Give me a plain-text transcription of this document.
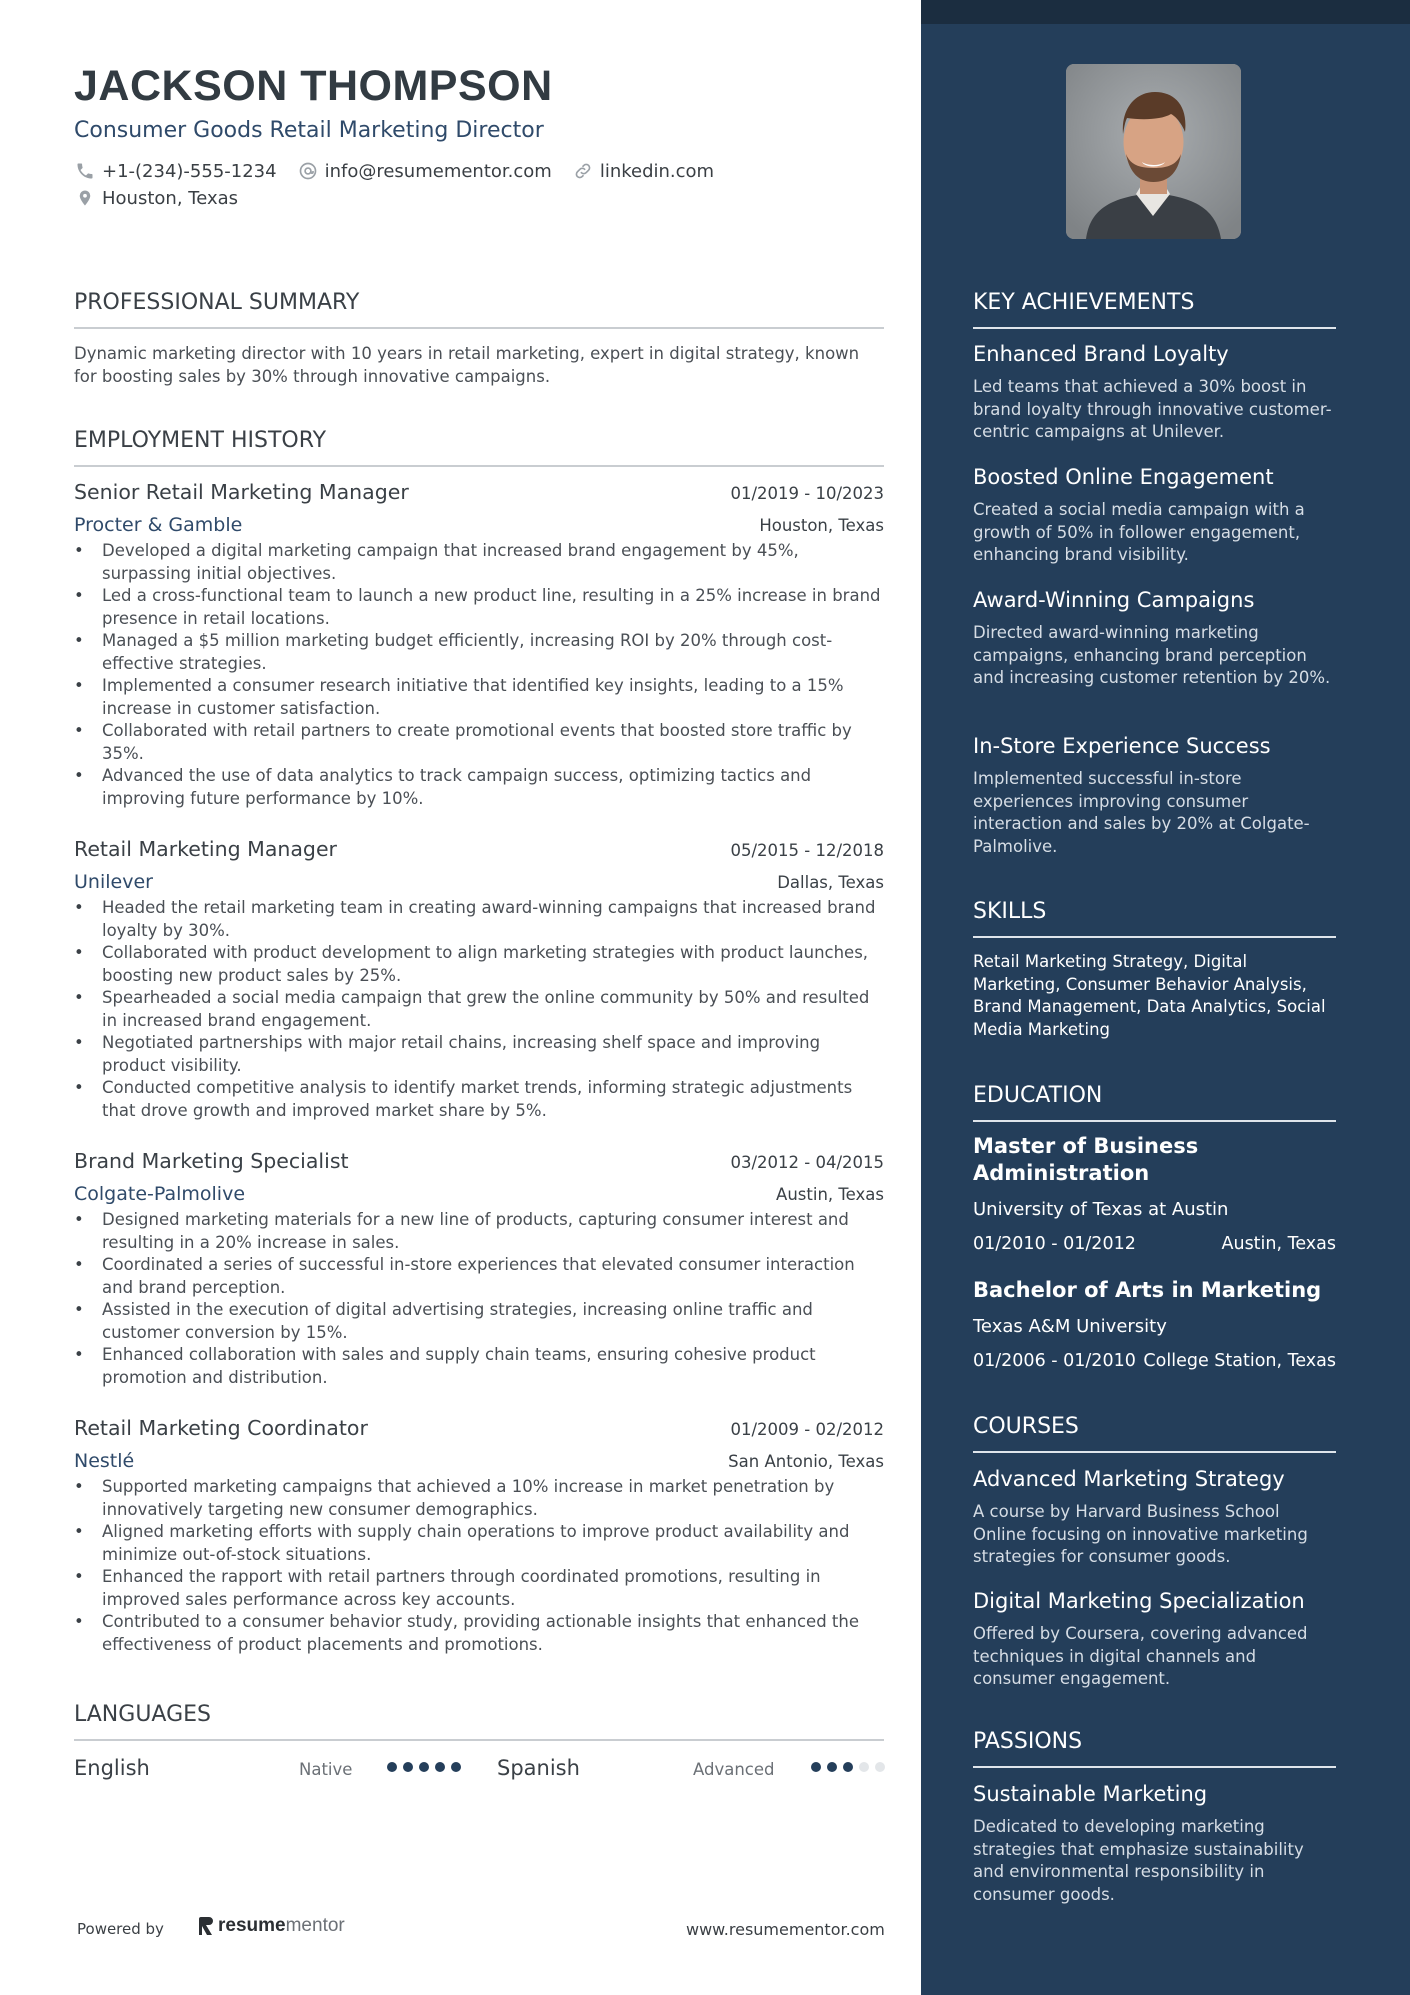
JACKSON THOMPSON
Consumer Goods Retail Marketing Director
+1-(234)-555-1234	info@resumementor.com	linkedin.com
Houston, Texas
PROFESSIONAL SUMMARY
Dynamic marketing director with 10 years in retail marketing, expert in digital strategy, known for boosting sales by 30% through innovative campaigns.
EMPLOYMENT HISTORY
Senior Retail Marketing Manager	01/2019 - 10/2023
Procter & Gamble	Houston, Texas
• Developed a digital marketing campaign that increased brand engagement by 45%, surpassing initial objectives.
• Led a cross-functional team to launch a new product line, resulting in a 25% increase in brand presence in retail locations.
• Managed a $5 million marketing budget efficiently, increasing ROI by 20% through cost-effective strategies.
• Implemented a consumer research initiative that identified key insights, leading to a 15% increase in customer satisfaction.
• Collaborated with retail partners to create promotional events that boosted store traffic by 35%.
• Advanced the use of data analytics to track campaign success, optimizing tactics and improving future performance by 10%.
Retail Marketing Manager	05/2015 - 12/2018
Unilever	Dallas, Texas
• Headed the retail marketing team in creating award-winning campaigns that increased brand loyalty by 30%.
• Collaborated with product development to align marketing strategies with product launches, boosting new product sales by 25%.
• Spearheaded a social media campaign that grew the online community by 50% and resulted in increased brand engagement.
• Negotiated partnerships with major retail chains, increasing shelf space and improving product visibility.
• Conducted competitive analysis to identify market trends, informing strategic adjustments that drove growth and improved market share by 5%.
Brand Marketing Specialist	03/2012 - 04/2015
Colgate-Palmolive	Austin, Texas
• Designed marketing materials for a new line of products, capturing consumer interest and resulting in a 20% increase in sales.
• Coordinated a series of successful in-store experiences that elevated consumer interaction and brand perception.
• Assisted in the execution of digital advertising strategies, increasing online traffic and customer conversion by 15%.
• Enhanced collaboration with sales and supply chain teams, ensuring cohesive product promotion and distribution.
Retail Marketing Coordinator	01/2009 - 02/2012
Nestlé	San Antonio, Texas
• Supported marketing campaigns that achieved a 10% increase in market penetration by innovatively targeting new consumer demographics.
• Aligned marketing efforts with supply chain operations to improve product availability and minimize out-of-stock situations.
• Enhanced the rapport with retail partners through coordinated promotions, resulting in improved sales performance across key accounts.
• Contributed to a consumer behavior study, providing actionable insights that enhanced the effectiveness of product placements and promotions.
LANGUAGES
English	Native	Spanish	Advanced
Powered by	resume mentor	www.resumementor.com
KEY ACHIEVEMENTS
Enhanced Brand Loyalty
Led teams that achieved a 30% boost in brand loyalty through innovative customer-centric campaigns at Unilever.
Boosted Online Engagement
Created a social media campaign with a growth of 50% in follower engagement, enhancing brand visibility.
Award-Winning Campaigns
Directed award-winning marketing campaigns, enhancing brand perception and increasing customer retention by 20%.
In-Store Experience Success
Implemented successful in-store experiences improving consumer interaction and sales by 20% at Colgate-Palmolive.
SKILLS
Retail Marketing Strategy, Digital Marketing, Consumer Behavior Analysis, Brand Management, Data Analytics, Social Media Marketing
EDUCATION
Master of Business Administration
University of Texas at Austin
01/2010 - 01/2012	Austin, Texas
Bachelor of Arts in Marketing
Texas A&M University
01/2006 - 01/2010 College Station, Texas
COURSES
Advanced Marketing Strategy
A course by Harvard Business School Online focusing on innovative marketing strategies for consumer goods.
Digital Marketing Specialization
Offered by Coursera, covering advanced techniques in digital channels and consumer engagement.
PASSIONS
Sustainable Marketing
Dedicated to developing marketing strategies that emphasize sustainability and environmental responsibility in consumer goods.
